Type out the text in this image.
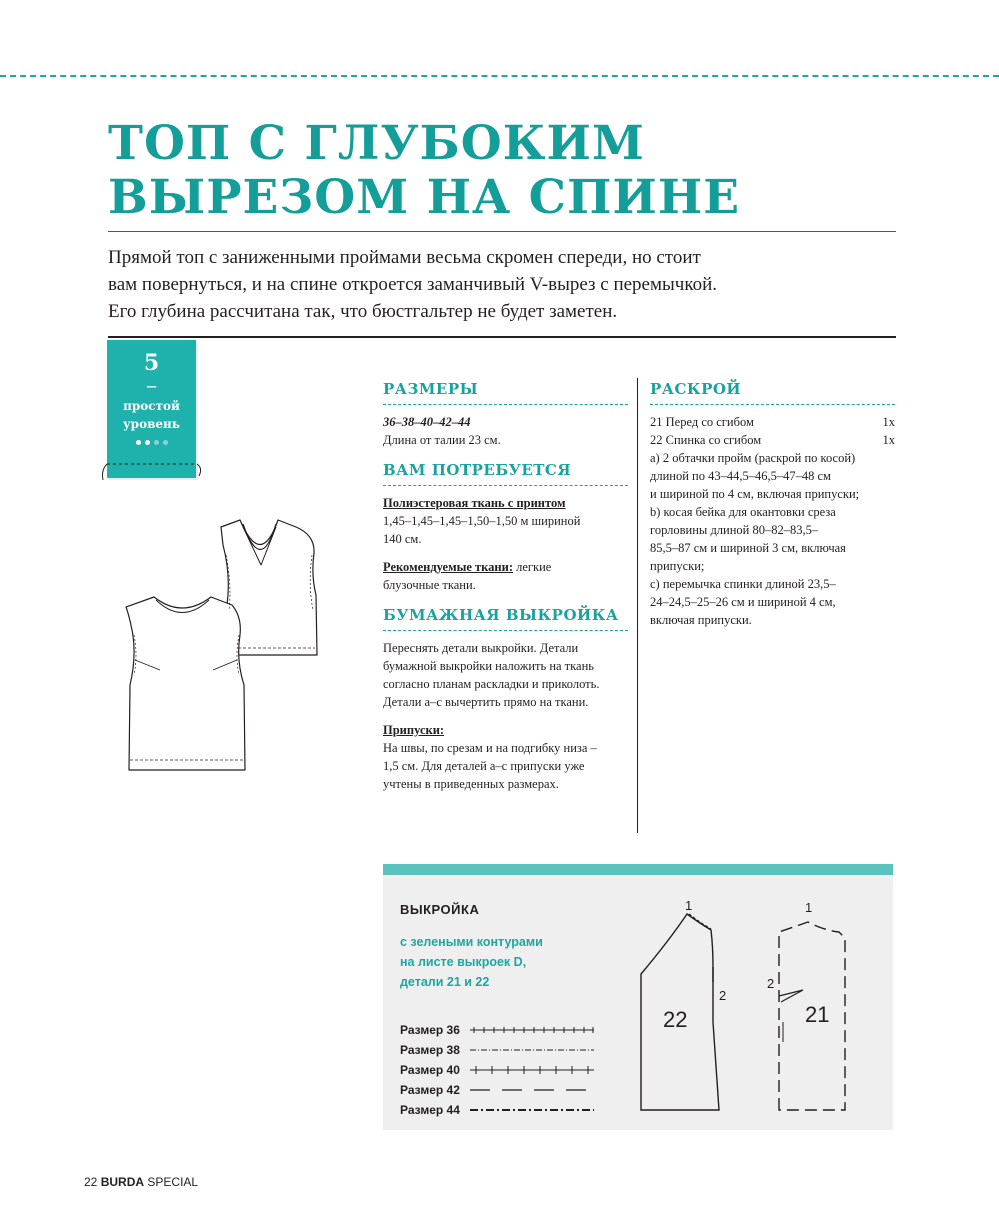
ТОП С ГЛУБОКИМ
ВЫРЕЗОМ НА СПИНЕ
Прямой топ с заниженными проймами весьма скромен спереди, но стоит
вам повернуться, и на спине откроется заманчивый V-вырез с перемычкой.
Его глубина рассчитана так, что бюстгальтер не будет заметен.
5
–
простой
уровень
РАЗМЕРЫ
36–38–40–42–44
Длина от талии 23 см.
ВАМ ПОТРЕБУЕТСЯ
Полиэстеровая ткань с принтом
1,45–1,45–1,45–1,50–1,50 м шириной
140 см.
Рекомендуемые ткани: легкие
блузочные ткани.
БУМАЖНАЯ ВЫКРОЙКА
Переснять детали выкройки. Детали
бумажной выкройки наложить на ткань
согласно планам раскладки и приколоть.
Детали а–с вычертить прямо на ткани.
Припуски:
На швы, по срезам и на подгибку низа –
1,5 см. Для деталей а–с припуски уже
учтены в приведенных размерах.
РАСКРОЙ
21 Перед со сгибом	1x
22 Спинка со сгибом	1x
а) 2 обтачки пройм (раскрой по косой)
длиной по 43–44,5–46,5–47–48 см
и шириной по 4 см, включая припуски;
b) косая бейка для окантовки среза
горловины длиной 80–82–83,5–
85,5–87 см и шириной 3 см, включая
припуски;
c) перемычка спинки длиной 23,5–
24–24,5–25–26 см и шириной 4 см,
включая припуски.
ВЫКРОЙКА
с зелеными контурами
на листе выкроек D,
детали 21 и 22
Размер 36
Размер 38
Размер 40
Размер 42
Размер 44
1	1
2
2
22	21
22 BURDA SPECIAL
